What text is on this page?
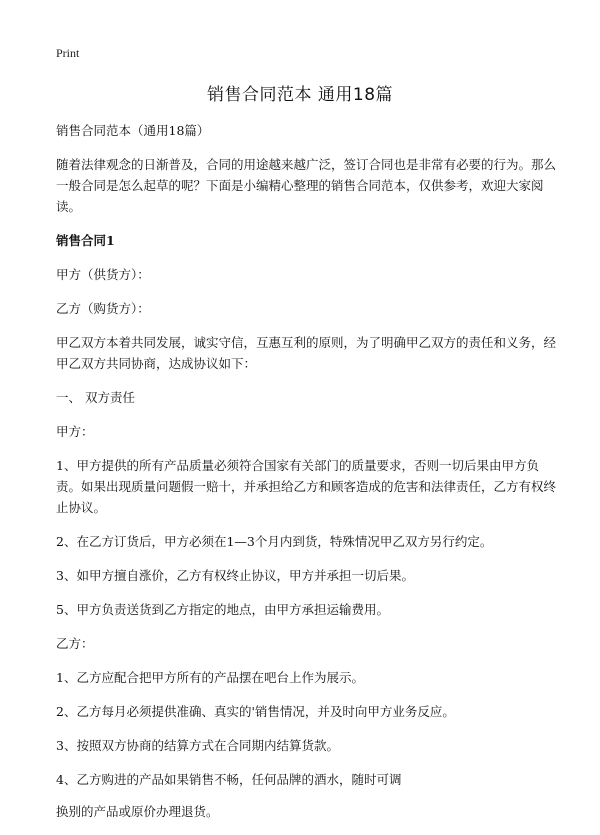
Print
销售合同范本 通用18篇

销售合同范本（通用18篇）

随着法律观念的日渐普及，合同的用途越来越广泛，签订合同也是非常有必要的行为。那么一般合同是怎么起草的呢？下面是小编精心整理的销售合同范本，仅供参考，欢迎大家阅读。

销售合同1

甲方（供货方）：

乙方（购货方）：

甲乙双方本着共同发展，诚实守信，互惠互利的原则，为了明确甲乙双方的责任和义务，经甲乙双方共同协商，达成协议如下：

一、 双方责任

甲方：

1、甲方提供的所有产品质量必须符合国家有关部门的质量要求，否则一切后果由甲方负责。如果出现质量问题假一赔十，并承担给乙方和顾客造成的危害和法律责任，乙方有权终止协议。

2、在乙方订货后，甲方必须在1—3个月内到货，特殊情况甲乙双方另行约定。

3、如甲方擅自涨价，乙方有权终止协议，甲方并承担一切后果。

5、甲方负责送货到乙方指定的地点，由甲方承担运输费用。

乙方：

1、乙方应配合把甲方所有的产品摆在吧台上作为展示。

2、乙方每月必须提供准确、真实的'销售情况，并及时向甲方业务反应。

3、按照双方协商的结算方式在合同期内结算货款。

4、乙方购进的产品如果销售不畅，任何品牌的酒水，随时可调

换别的产品或原价办理退货。
